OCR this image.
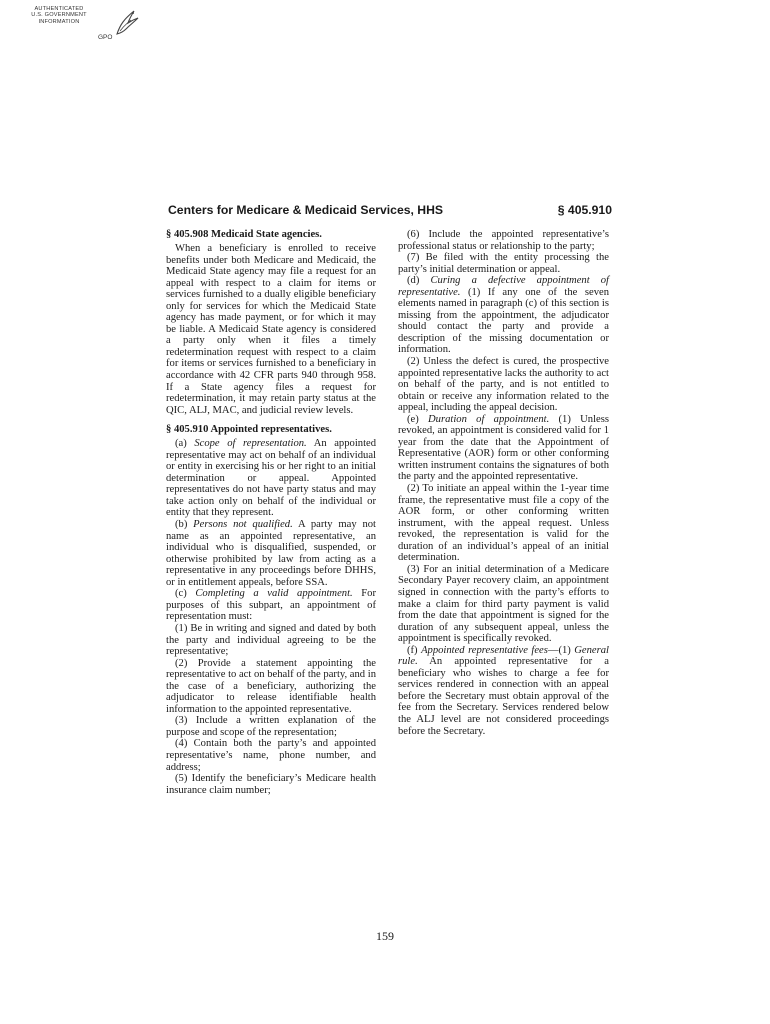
AUTHENTICATED
U.S. GOVERNMENT
INFORMATION
GPO
Centers for Medicare & Medicaid Services, HHS	§ 405.910
§ 405.908 Medicaid State agencies.

When a beneficiary is enrolled to receive benefits under both Medicare and Medicaid, the Medicaid State agency may file a request for an appeal with respect to a claim for items or services furnished to a dually eligible beneficiary only for services for which the Medicaid State agency has made payment, or for which it may be liable. A Medicaid State agency is considered a party only when it files a timely redetermination request with respect to a claim for items or services furnished to a beneficiary in accordance with 42 CFR parts 940 through 958. If a State agency files a request for redetermination, it may retain party status at the QIC, ALJ, MAC, and judicial review levels.

§ 405.910 Appointed representatives.

(a) Scope of representation. An appointed representative may act on behalf of an individual or entity in exercising his or her right to an initial determination or appeal. Appointed representatives do not have party status and may take action only on behalf of the individual or entity that they represent.

(b) Persons not qualified. A party may not name as an appointed representative, an individual who is disqualified, suspended, or otherwise prohibited by law from acting as a representative in any proceedings before DHHS, or in entitlement appeals, before SSA.

(c) Completing a valid appointment. For purposes of this subpart, an appointment of representation must:

(1) Be in writing and signed and dated by both the party and individual agreeing to be the representative;

(2) Provide a statement appointing the representative to act on behalf of the party, and in the case of a beneficiary, authorizing the adjudicator to release identifiable health information to the appointed representative.

(3) Include a written explanation of the purpose and scope of the representation;

(4) Contain both the party’s and appointed representative’s name, phone number, and address;

(5) Identify the beneficiary’s Medicare health insurance claim number;

(6) Include the appointed representative’s professional status or relationship to the party;

(7) Be filed with the entity processing the party’s initial determination or appeal.

(d) Curing a defective appointment of representative. (1) If any one of the seven elements named in paragraph (c) of this section is missing from the appointment, the adjudicator should contact the party and provide a description of the missing documentation or information.

(2) Unless the defect is cured, the prospective appointed representative lacks the authority to act on behalf of the party, and is not entitled to obtain or receive any information related to the appeal, including the appeal decision.

(e) Duration of appointment. (1) Unless revoked, an appointment is considered valid for 1 year from the date that the Appointment of Representative (AOR) form or other conforming written instrument contains the signatures of both the party and the appointed representative.

(2) To initiate an appeal within the 1-year time frame, the representative must file a copy of the AOR form, or other conforming written instrument, with the appeal request. Unless revoked, the representation is valid for the duration of an individual’s appeal of an initial determination.

(3) For an initial determination of a Medicare Secondary Payer recovery claim, an appointment signed in connection with the party’s efforts to make a claim for third party payment is valid from the date that appointment is signed for the duration of any subsequent appeal, unless the appointment is specifically revoked.

(f) Appointed representative fees—(1) General rule. An appointed representative for a beneficiary who wishes to charge a fee for services rendered in connection with an appeal before the Secretary must obtain approval of the fee from the Secretary. Services rendered below the ALJ level are not considered proceedings before the Secretary.

159
